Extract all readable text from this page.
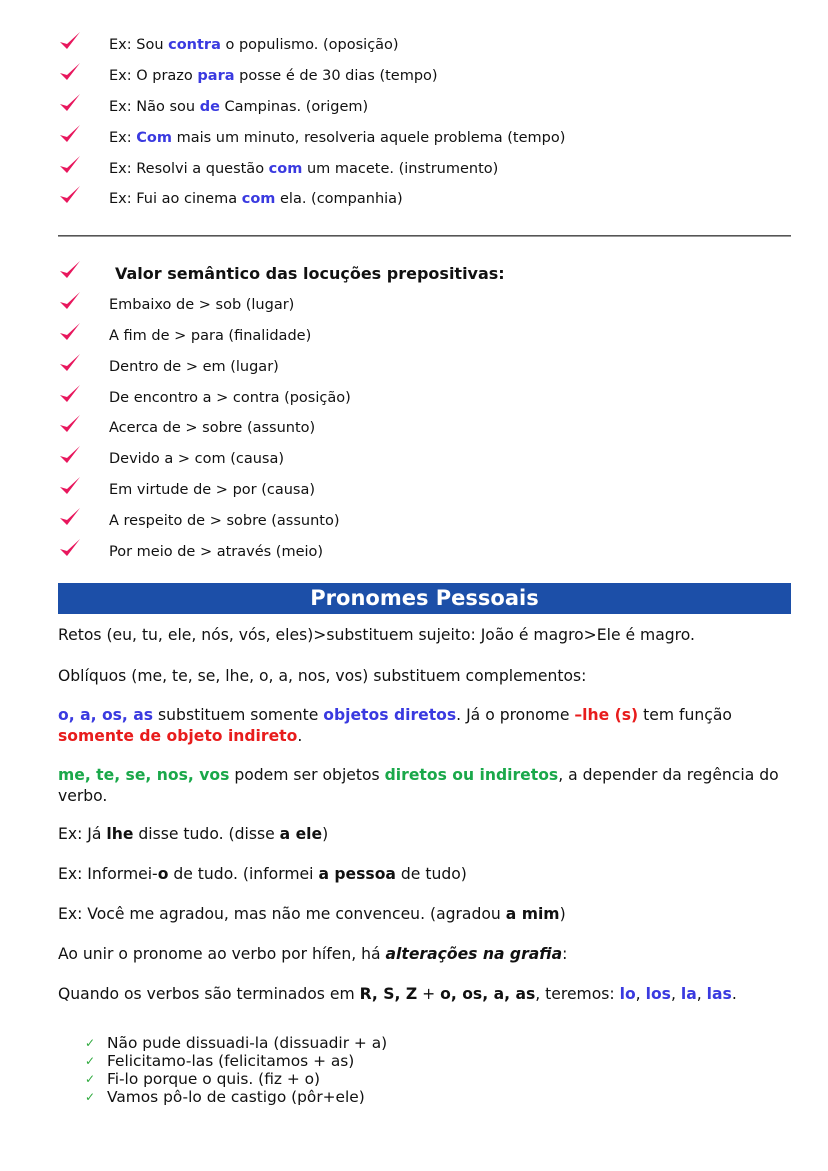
Ex: Sou contra o populismo. (oposição)
Ex: O prazo para posse é de 30 dias (tempo)
Ex: Não sou de Campinas. (origem)
Ex: Com mais um minuto, resolveria aquele problema (tempo)
Ex: Resolvi a questão com um macete. (instrumento)
Ex: Fui ao cinema com ela. (companhia)
Valor semântico das locuções prepositivas:
Embaixo de > sob (lugar)
A fim de > para (finalidade)
Dentro de > em (lugar)
De encontro a > contra (posição)
Acerca de > sobre (assunto)
Devido a > com (causa)
Em virtude de > por (causa)
A respeito de > sobre (assunto)
Por meio de > através (meio)
Pronomes Pessoais

Retos (eu, tu, ele, nós, vós, eles)>substituem sujeito: João é magro>Ele é magro.

Oblíquos (me, te, se, lhe, o, a, nos, vos) substituem complementos:

o, a, os, as substituem somente objetos diretos. Já o pronome –lhe (s) tem função somente de objeto indireto.

me, te, se, nos, vos podem ser objetos diretos ou indiretos, a depender da regência do verbo.

Ex: Já lhe disse tudo. (disse a ele)

Ex: Informei-o de tudo. (informei a pessoa de tudo)

Ex: Você me agradou, mas não me convenceu. (agradou a mim)

Ao unir o pronome ao verbo por hífen, há alterações na grafia:

Quando os verbos são terminados em R, S, Z + o, os, a, as, teremos: lo, los, la, las.

✓ Não pude dissuadi-la (dissuadir + a)
✓ Felicitamo-las (felicitamos + as)
✓ Fi-lo porque o quis. (fiz + o)
✓ Vamos pô-lo de castigo (pôr+ele)
